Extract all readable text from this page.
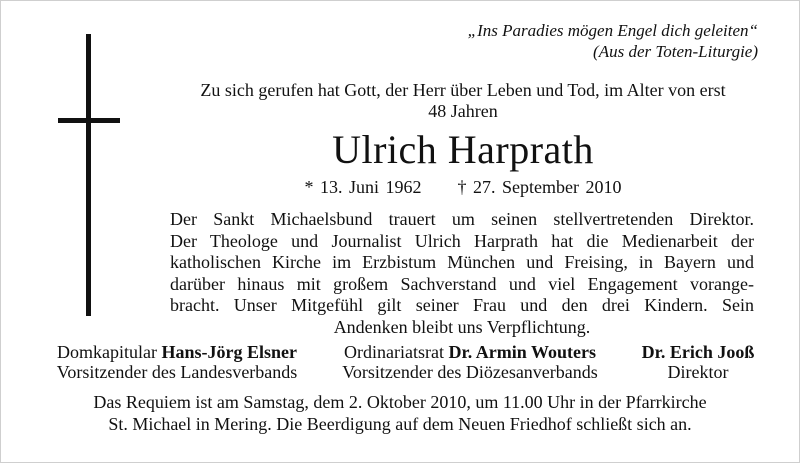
„Ins Paradies mögen Engel dich geleiten“
(Aus der Toten-Liturgie)
Zu sich gerufen hat Gott, der Herr über Leben und Tod, im Alter von erst
48 Jahren
Ulrich Harprath
* 13. Juni 1962 † 27. September 2010
Der Sankt Michaelsbund trauert um seinen stellvertretenden Direktor.
Der Theologe und Journalist Ulrich Harprath hat die Medienarbeit der
katholischen Kirche im Erzbistum München und Freising, in Bayern und
darüber hinaus mit großem Sachverstand und viel Engagement vorange-
bracht. Unser Mitgefühl gilt seiner Frau und den drei Kindern. Sein
Andenken bleibt uns Verpflichtung.
Domkapitular Hans-Jörg Elsner
Vorsitzender des Landesverbands
Ordinariatsrat Dr. Armin Wouters
Vorsitzender des Diözesanverbands
Dr. Erich Jooß
Direktor
Das Requiem ist am Samstag, dem 2. Oktober 2010, um 11.00 Uhr in der Pfarrkirche
St. Michael in Mering. Die Beerdigung auf dem Neuen Friedhof schließt sich an.
